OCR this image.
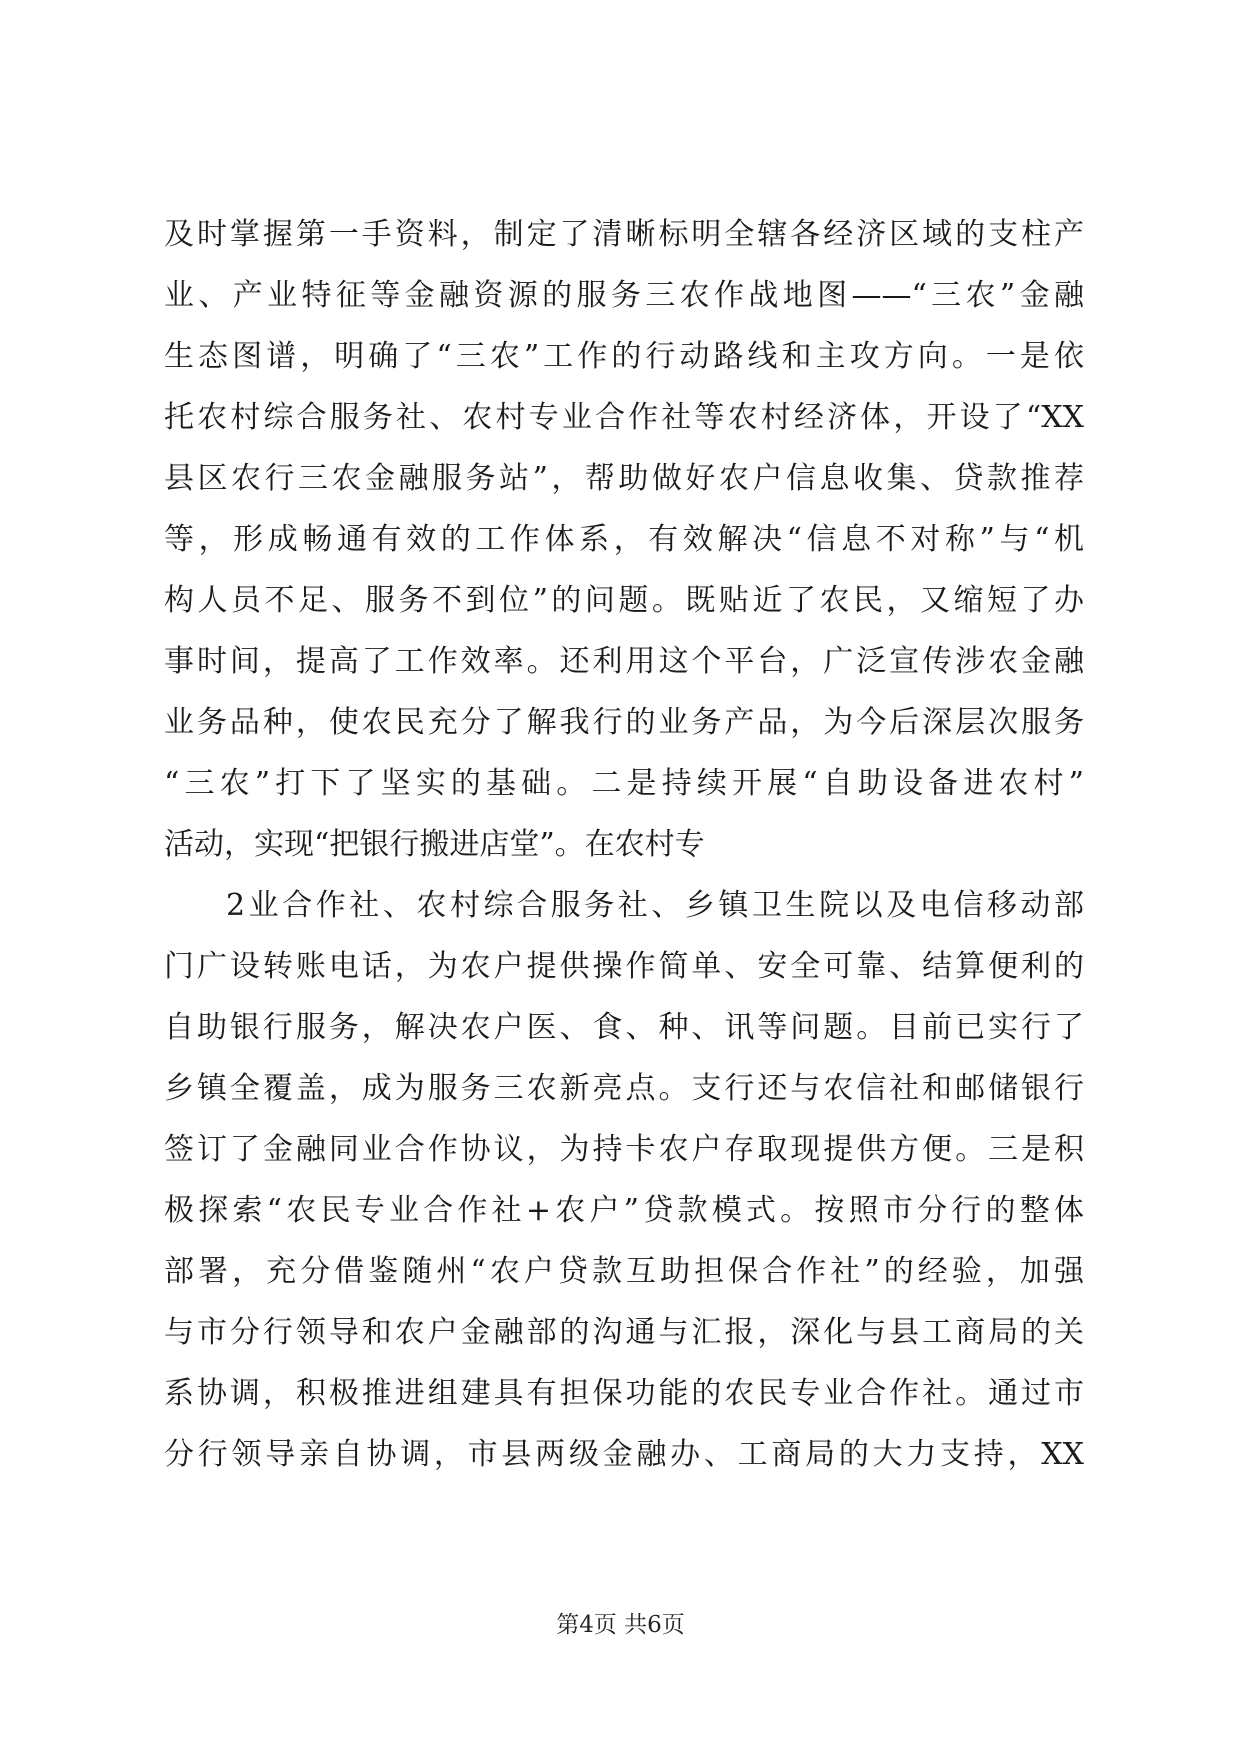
及时掌握第一手资料，制定了清晰标明全辖各经济区域的支柱产
业、产业特征等金融资源的服务三农作战地图——“三农”金融
生态图谱，明确了“三农”工作的行动路线和主攻方向。一是依
托农村综合服务社、农村专业合作社等农村经济体，开设了“XX
县区农行三农金融服务站”，帮助做好农户信息收集、贷款推荐
等，形成畅通有效的工作体系，有效解决“信息不对称”与“机
构人员不足、服务不到位”的问题。既贴近了农民，又缩短了办
事时间，提高了工作效率。还利用这个平台，广泛宣传涉农金融
业务品种，使农民充分了解我行的业务产品，为今后深层次服务
“三农”打下了坚实的基础。二是持续开展“自助设备进农村”
活动，实现“把银行搬进店堂”。在农村专
2业合作社、农村综合服务社、乡镇卫生院以及电信移动部
门广设转账电话，为农户提供操作简单、安全可靠、结算便利的
自助银行服务，解决农户医、食、种、讯等问题。目前已实行了
乡镇全覆盖，成为服务三农新亮点。支行还与农信社和邮储银行
签订了金融同业合作协议，为持卡农户存取现提供方便。三是积
极探索“农民专业合作社+农户”贷款模式。按照市分行的整体
部署，充分借鉴随州“农户贷款互助担保合作社”的经验，加强
与市分行领导和农户金融部的沟通与汇报，深化与县工商局的关
系协调，积极推进组建具有担保功能的农民专业合作社。通过市
分行领导亲自协调，市县两级金融办、工商局的大力支持，XX
第4页 共6页
